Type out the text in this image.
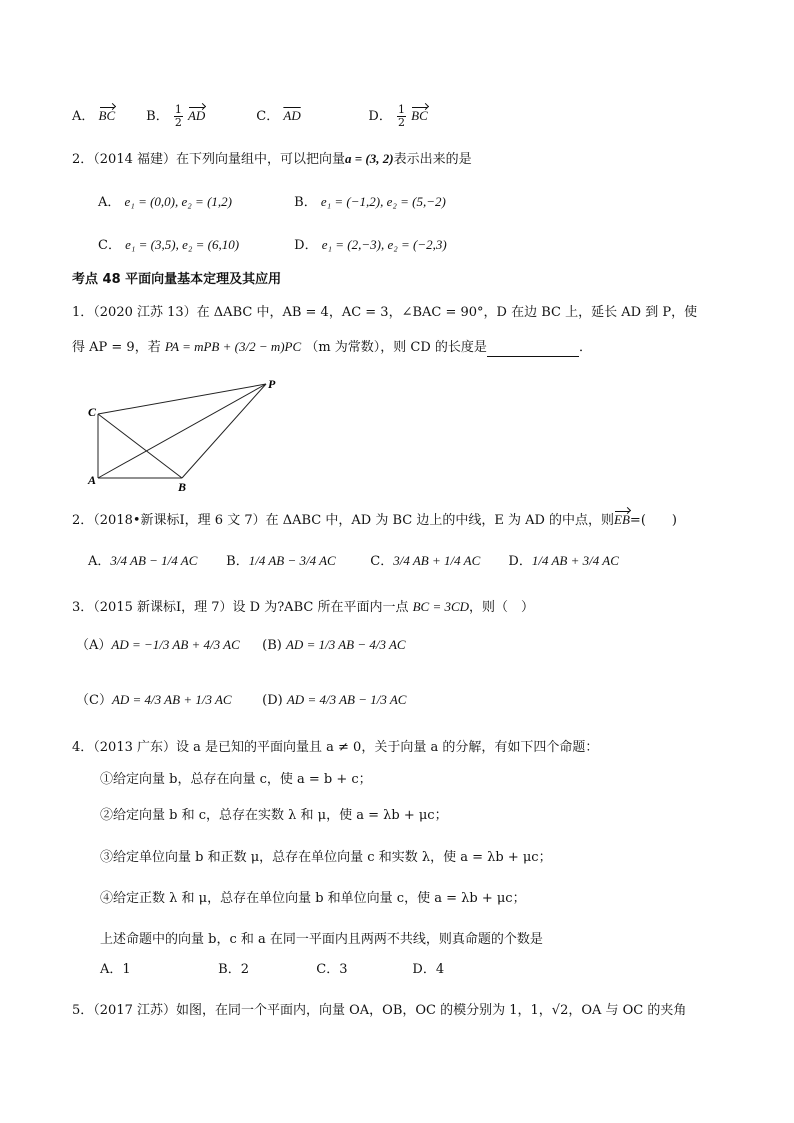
A． BC B． $\frac{1}{2}$ AD	C． $\overline{AD}$	D． $\frac{1}{2}$ BC
2．（2014 福建）在下列向量组中，可以把向量a = (3, 2)表示出来的是
A． e₁ = (0,0), e₂ = (1,2)	B． e₁ = (−1,2), e₂ = (5,−2)
C． e₁ = (3,5), e₂ = (6,10)	D． e₁ = (2,−3), e₂ = (−2,3)
考点 48 平面向量基本定理及其应用
1．（2020 江苏 13）在 ΔABC 中，AB = 4，AC = 3，∠BAC = 90°，D 在边 BC 上，延长 AD 到 P，使
得 AP = 9，若 PA = mPB + (3/2 − m)PC （m 为常数），则 CD 的长度是	．
C
A	B
P
2．（2018•新课标Ⅰ，理 6 文 7）在 ΔABC 中，AD 为 BC 边上的中线，E 为 AD 的中点，则EB=(　　)
A．3/4 AB − 1/4 AC B．1/4 AB − 3/4 AC	C．3/4 AB + 1/4 AC D．1/4 AB + 3/4 AC
3．（2015 新课标Ⅰ，理 7）设 D 为?ABC 所在平面内一点 BC = 3CD，则（　）
（A）AD = −1/3 AB + 4/3 AC (B) AD = 1/3 AB − 4/3 AC
（C）AD = 4/3 AB + 1/3 AC (D) AD = 4/3 AB − 1/3 AC
4．（2013 广东）设 a 是已知的平面向量且 a ≠ 0，关于向量 a 的分解，有如下四个命题：
①给定向量 b，总存在向量 c，使 a = b + c；
②给定向量 b 和 c，总存在实数 λ 和 μ，使 a = λb + μc；
③给定单位向量 b 和正数 μ，总存在单位向量 c 和实数 λ，使 a = λb + μc；
④给定正数 λ 和 μ，总存在单位向量 b 和单位向量 c，使 a = λb + μc；
上述命题中的向量 b，c 和 a 在同一平面内且两两不共线，则真命题的个数是
A．1	B．2	C．3	D．4
5．（2017 江苏）如图，在同一个平面内，向量 OA，OB，OC 的模分别为 1，1，√2，OA 与 OC 的夹角
